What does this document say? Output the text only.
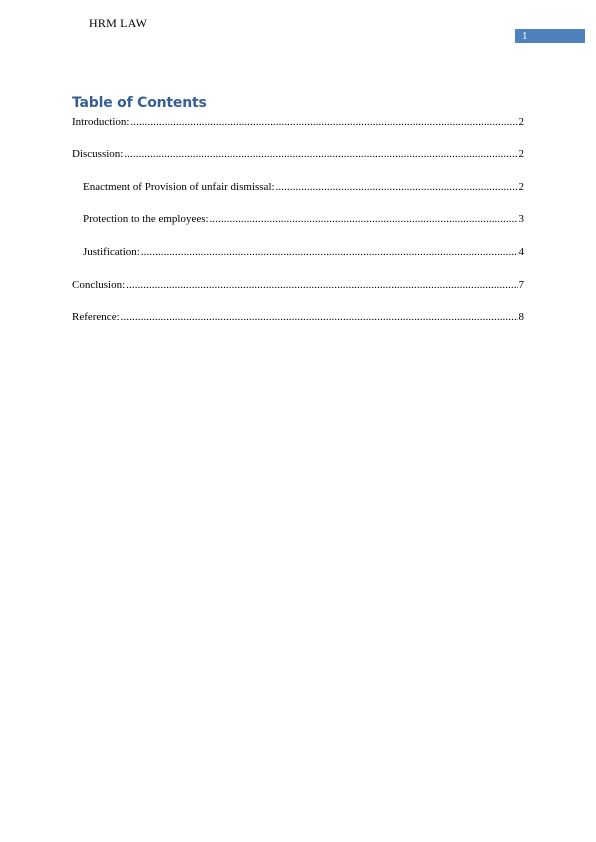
HRM LAW
1
Table of Contents
Introduction: .....	2
Discussion: .....	2
Enactment of Provision of unfair dismissal: .....	2
Protection to the employees: .....	3
Justification: .....	4
Conclusion: .....	7
Reference: .....	8
